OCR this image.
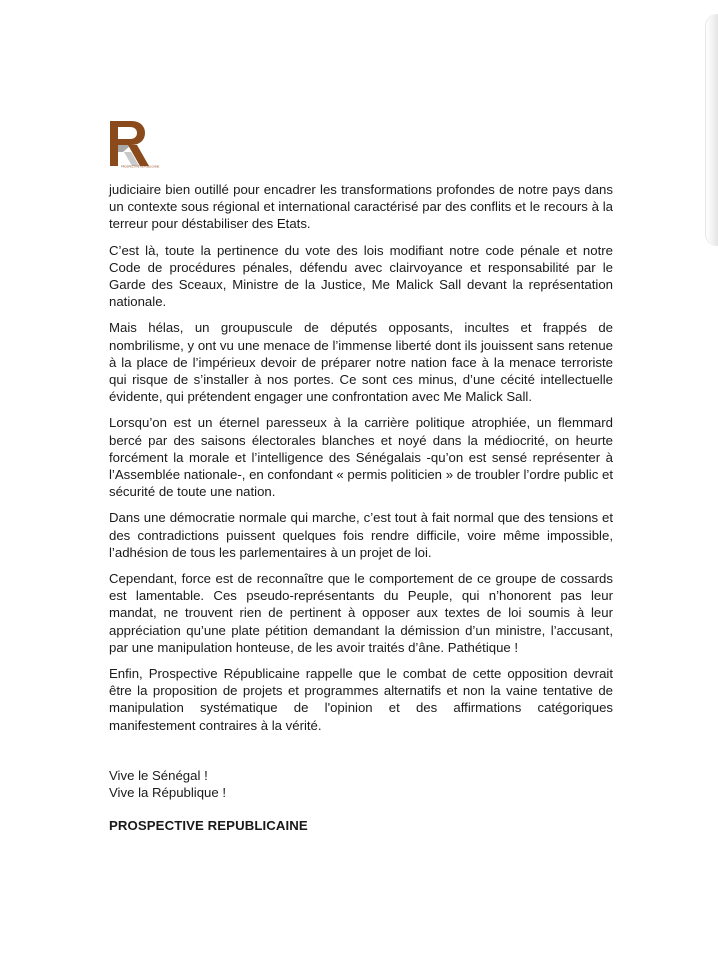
PROSPECTIVE RÉPUBLICAINE

judiciaire bien outillé pour encadrer les transformations profondes de notre pays dans un contexte sous régional et international caractérisé par des conflits et le recours à la terreur pour déstabiliser des Etats.

C’est là, toute la pertinence du vote des lois modifiant notre code pénale et notre Code de procédures pénales, défendu avec clairvoyance et responsabilité par le Garde des Sceaux, Ministre de la Justice, Me Malick Sall devant la représentation nationale.

Mais hélas, un groupuscule de députés opposants, incultes et frappés de nombrilisme, y ont vu une menace de l’immense liberté dont ils jouissent sans retenue à la place de l’impérieux devoir de préparer notre nation face à la menace terroriste qui risque de s’installer à nos portes. Ce sont ces minus, d’une cécité intellectuelle évidente, qui prétendent engager une confrontation avec Me Malick Sall.

Lorsqu’on est un éternel paresseux à la carrière politique atrophiée, un flemmard bercé par des saisons électorales blanches et noyé dans la médiocrité, on heurte forcément la morale et l’intelligence des Sénégalais -qu’on est sensé représenter à l’Assemblée nationale-, en confondant « permis politicien » de troubler l’ordre public et sécurité de toute une nation.

Dans une démocratie normale qui marche, c’est tout à fait normal que des tensions et des contradictions puissent quelques fois rendre difficile, voire même impossible, l’adhésion de tous les parlementaires à un projet de loi.

Cependant, force est de reconnaître que le comportement de ce groupe de cossards est lamentable. Ces pseudo-représentants du Peuple, qui n’honorent pas leur mandat, ne trouvent rien de pertinent à opposer aux textes de loi soumis à leur appréciation qu’une plate pétition demandant la démission d’un ministre, l’accusant, par une manipulation honteuse, de les avoir traités d’âne. Pathétique !

Enfin, Prospective Républicaine rappelle que le combat de cette opposition devrait être la proposition de projets et programmes alternatifs et non la vaine tentative de manipulation systématique de l'opinion et des affirmations catégoriques manifestement contraires à la vérité.

Vive le Sénégal !
Vive la République !
PROSPECTIVE REPUBLICAINE
